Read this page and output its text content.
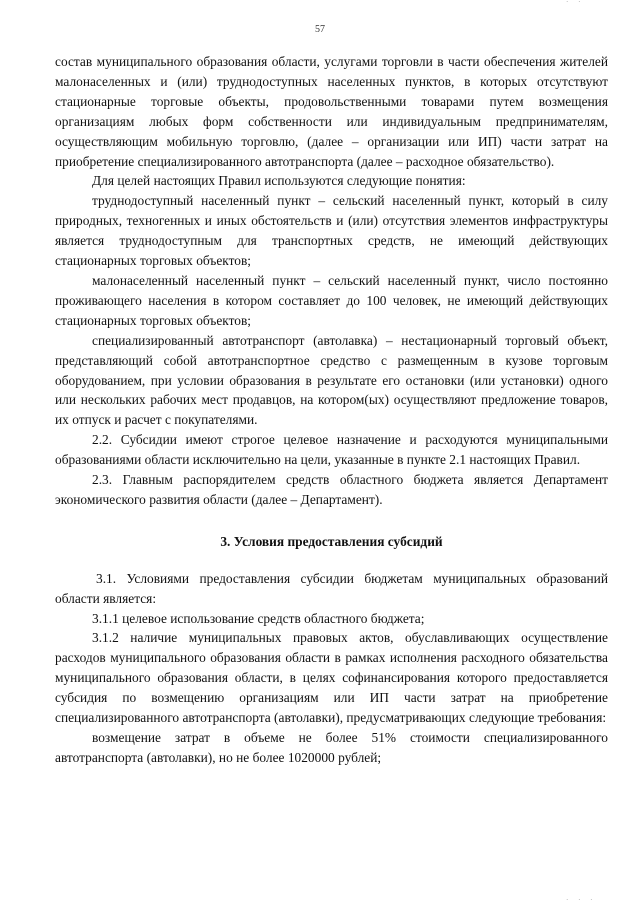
· ·
57

состав муниципального образования области, услугами торговли в части обеспечения жителей малонаселенных и (или) труднодоступных населенных пунктов, в которых отсутствуют стационарные торговые объекты, продовольственными товарами путем возмещения организациям любых форм собственности или индивидуальным предпринимателям, осуществляющим мобильную торговлю, (далее – организации или ИП) части затрат на приобретение специализированного автотранспорта (далее – расходное обязательство).

Для целей настоящих Правил используются следующие понятия:

труднодоступный населенный пункт – сельский населенный пункт, который в силу природных, техногенных и иных обстоятельств и (или) отсутствия элементов инфраструктуры является труднодоступным для транспортных средств, не имеющий действующих стационарных торговых объектов;

малонаселенный населенный пункт – сельский населенный пункт, число постоянно проживающего населения в котором составляет до 100 человек, не имеющий действующих стационарных торговых объектов;

специализированный автотранспорт (автолавка) – нестационарный торговый объект, представляющий собой автотранспортное средство с размещенным в кузове торговым оборудованием, при условии образования в результате его остановки (или установки) одного или нескольких рабочих мест продавцов, на котором(ых) осуществляют предложение товаров, их отпуск и расчет с покупателями.

2.2. Субсидии имеют строгое целевое назначение и расходуются муниципальными образованиями области исключительно на цели, указанные в пункте 2.1 настоящих Правил.

2.3. Главным распорядителем средств областного бюджета является Департамент экономического развития области (далее – Департамент).

3. Условия предоставления субсидий

3.1. Условиями предоставления субсидии бюджетам муниципальных образований области является:

3.1.1 целевое использование средств областного бюджета;

3.1.2 наличие муниципальных правовых актов, обуславливающих осуществление расходов муниципального образования области в рамках исполнения расходного обязательства муниципального образования области, в целях софинансирования которого предоставляется субсидия по возмещению организациям или ИП части затрат на приобретение специализированного автотранспорта (автолавки), предусматривающих следующие требования:

возмещение затрат в объеме не более 51% стоимости специализированного автотранспорта (автолавки), но не более 1020000 рублей;

· · ·
